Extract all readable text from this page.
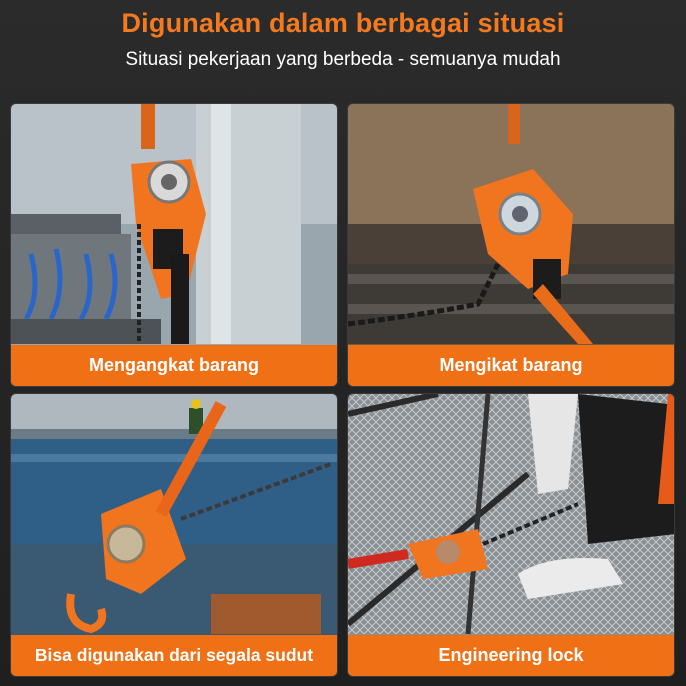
Digunakan dalam berbagai situasi
Situasi pekerjaan yang berbeda - semuanya mudah
Mengangkat barang	Mengikat barang
Bisa digunakan dari segala sudut	Engineering lock
